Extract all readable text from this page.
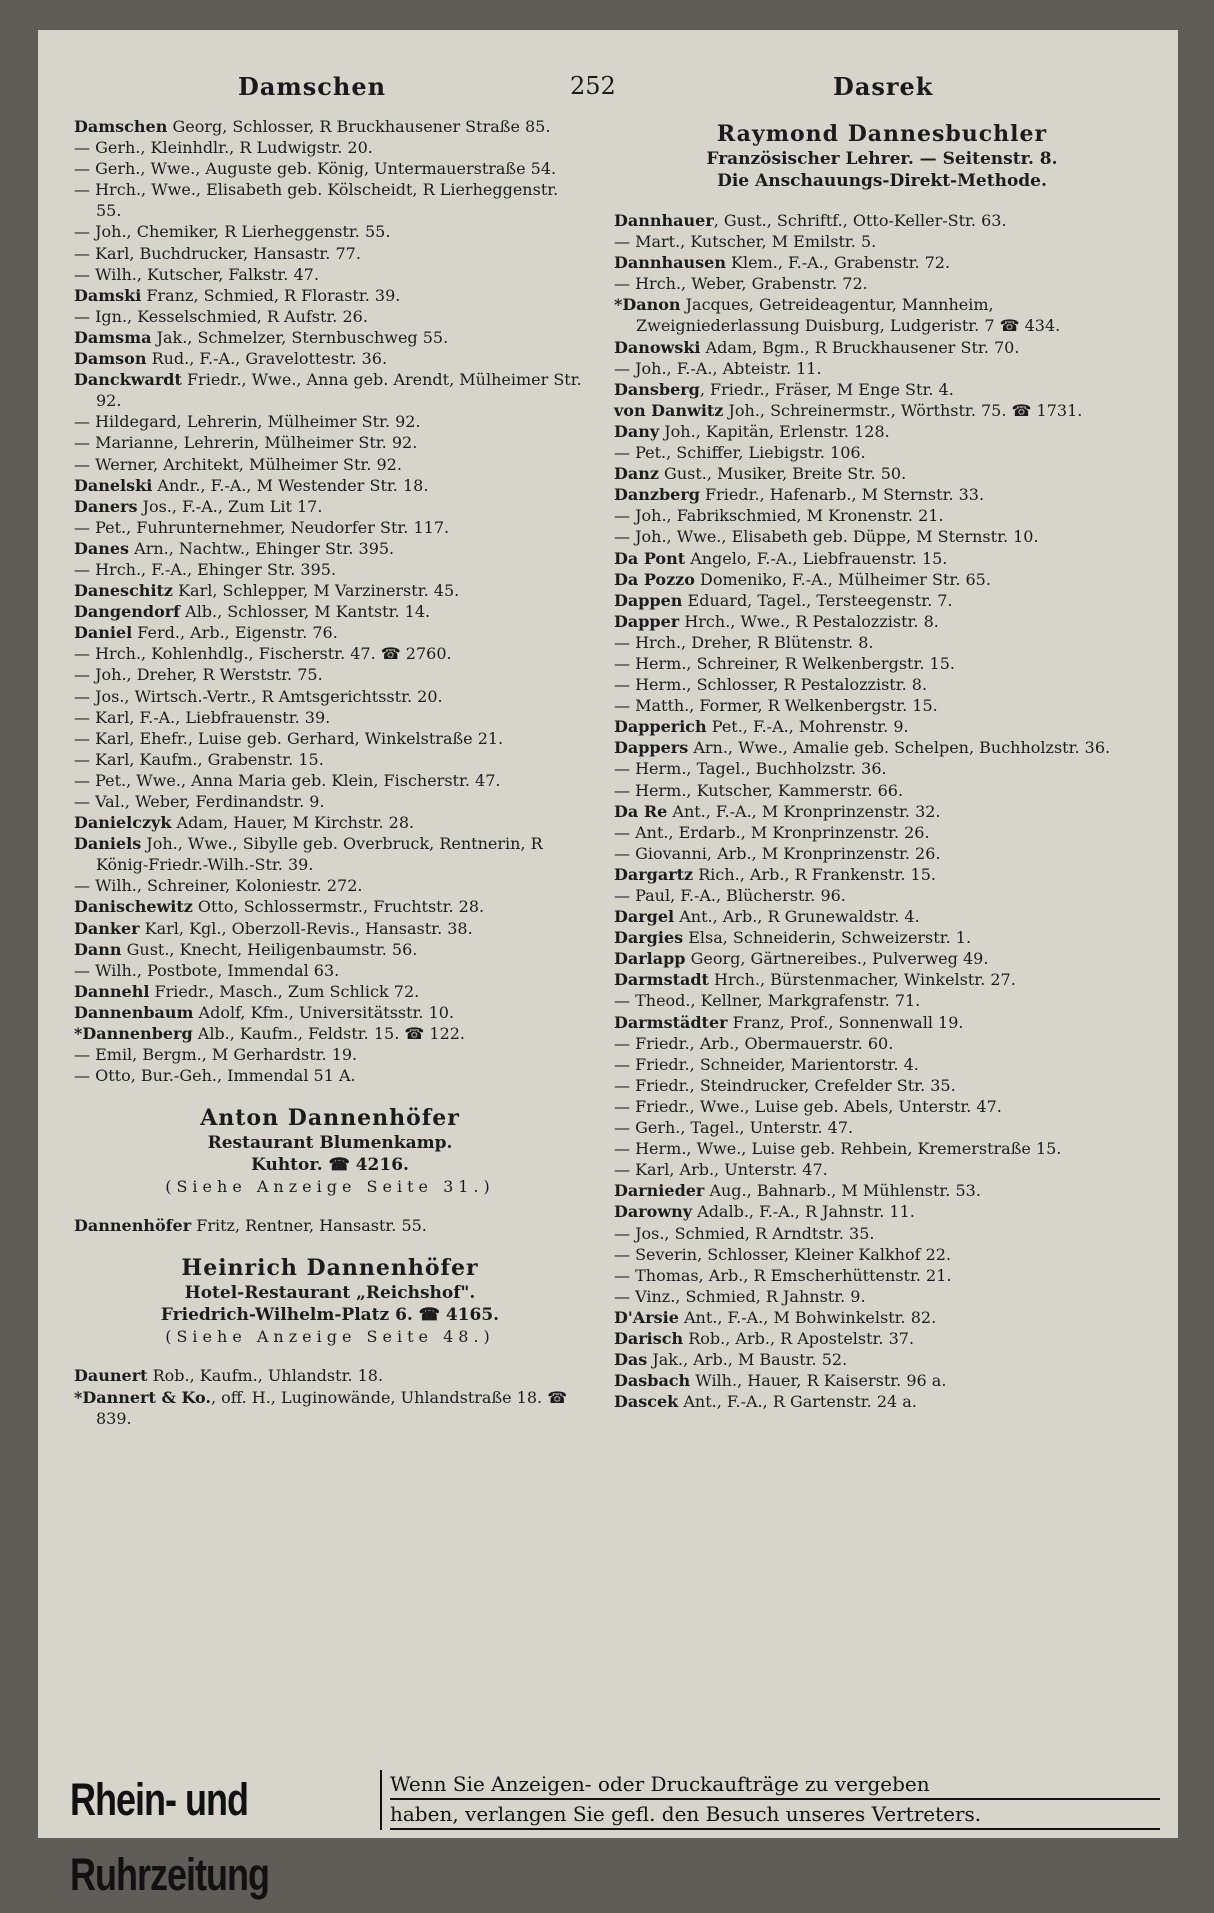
Damschen	252	Dasrek
Damschen Georg, Schlosser, R Bruckhausener Straße 85.
— Gerh., Kleinhdlr., R Ludwigstr. 20.
— Gerh., Wwe., Auguste geb. König, Untermauerstraße 54.
— Hrch., Wwe., Elisabeth geb. Kölscheidt, R Lierheggenstr. 55.
— Joh., Chemiker, R Lierheggenstr. 55.
— Karl, Buchdrucker, Hansastr. 77.
— Wilh., Kutscher, Falkstr. 47.
Damski Franz, Schmied, R Florastr. 39.
— Ign., Kesselschmied, R Aufstr. 26.
Damsma Jak., Schmelzer, Sternbuschweg 55.
Damson Rud., F.-A., Gravelottestr. 36.
Danckwardt Friedr., Wwe., Anna geb. Arendt, Mülheimer Str. 92.
— Hildegard, Lehrerin, Mülheimer Str. 92.
— Marianne, Lehrerin, Mülheimer Str. 92.
— Werner, Architekt, Mülheimer Str. 92.
Danelski Andr., F.-A., M Westender Str. 18.
Daners Jos., F.-A., Zum Lit 17.
— Pet., Fuhrunternehmer, Neudorfer Str. 117.
Danes Arn., Nachtw., Ehinger Str. 395.
— Hrch., F.-A., Ehinger Str. 395.
Daneschitz Karl, Schlepper, M Varzinerstr. 45.
Dangendorf Alb., Schlosser, M Kantstr. 14.
Daniel Ferd., Arb., Eigenstr. 76.
— Hrch., Kohlenhdlg., Fischerstr. 47. ☎ 2760.
— Joh., Dreher, R Werststr. 75.
— Jos., Wirtsch.-Vertr., R Amtsgerichtsstr. 20.
— Karl, F.-A., Liebfrauenstr. 39.
— Karl, Ehefr., Luise geb. Gerhard, Winkelstraße 21.
— Karl, Kaufm., Grabenstr. 15.
— Pet., Wwe., Anna Maria geb. Klein, Fischerstr. 47.
— Val., Weber, Ferdinandstr. 9.
Danielczyk Adam, Hauer, M Kirchstr. 28.
Daniels Joh., Wwe., Sibylle geb. Overbruck, Rentnerin, R König-Friedr.-Wilh.-Str. 39.
— Wilh., Schreiner, Koloniestr. 272.
Danischewitz Otto, Schlossermstr., Fruchtstr. 28.
Danker Karl, Kgl., Oberzoll-Revis., Hansastr. 38.
Dann Gust., Knecht, Heiligenbaumstr. 56.
— Wilh., Postbote, Immendal 63.
Dannehl Friedr., Masch., Zum Schlick 72.
Dannenbaum Adolf, Kfm., Universitätsstr. 10.
*Dannenberg Alb., Kaufm., Feldstr. 15. ☎ 122.
— Emil, Bergm., M Gerhardstr. 19.
— Otto, Bur.-Geh., Immendal 51 A.
Anton Dannenhöfer
Restaurant Blumenkamp.
Kuhtor. ☎ 4216.
(Siehe Anzeige Seite 31.)
Dannenhöfer Fritz, Rentner, Hansastr. 55.
Heinrich Dannenhöfer
Hotel-Restaurant „Reichshof".
Friedrich-Wilhelm-Platz 6. ☎ 4165.
(Siehe Anzeige Seite 48.)
Daunert Rob., Kaufm., Uhlandstr. 18.
*Dannert & Ko., off. H., Luginowände, Uhlandstraße 18. ☎ 839.
Raymond Dannesbuchler
Französischer Lehrer. — Seitenstr. 8.
Die Anschauungs-Direkt-Methode.
Dannhauer, Gust., Schriftf., Otto-Keller-Str. 63.
— Mart., Kutscher, M Emilstr. 5.
Dannhausen Klem., F.-A., Grabenstr. 72.
— Hrch., Weber, Grabenstr. 72.
*Danon Jacques, Getreideagentur, Mannheim, Zweigniederlassung Duisburg, Ludgeristr. 7 ☎ 434.
Danowski Adam, Bgm., R Bruckhausener Str. 70.
— Joh., F.-A., Abteistr. 11.
Dansberg, Friedr., Fräser, M Enge Str. 4.
von Danwitz Joh., Schreinermstr., Wörthstr. 75. ☎ 1731.
Dany Joh., Kapitän, Erlenstr. 128.
— Pet., Schiffer, Liebigstr. 106.
Danz Gust., Musiker, Breite Str. 50.
Danzberg Friedr., Hafenarb., M Sternstr. 33.
— Joh., Fabrikschmied, M Kronenstr. 21.
— Joh., Wwe., Elisabeth geb. Düppe, M Sternstr. 10.
Da Pont Angelo, F.-A., Liebfrauenstr. 15.
Da Pozzo Domeniko, F.-A., Mülheimer Str. 65.
Dappen Eduard, Tagel., Tersteegenstr. 7.
Dapper Hrch., Wwe., R Pestalozzistr. 8.
— Hrch., Dreher, R Blütenstr. 8.
— Herm., Schreiner, R Welkenbergstr. 15.
— Herm., Schlosser, R Pestalozzistr. 8.
— Matth., Former, R Welkenbergstr. 15.
Dapperich Pet., F.-A., Mohrenstr. 9.
Dappers Arn., Wwe., Amalie geb. Schelpen, Buchholzstr. 36.
— Herm., Tagel., Buchholzstr. 36.
— Herm., Kutscher, Kammerstr. 66.
Da Re Ant., F.-A., M Kronprinzenstr. 32.
— Ant., Erdarb., M Kronprinzenstr. 26.
— Giovanni, Arb., M Kronprinzenstr. 26.
Dargartz Rich., Arb., R Frankenstr. 15.
— Paul, F.-A., Blücherstr. 96.
Dargel Ant., Arb., R Grunewaldstr. 4.
Dargies Elsa, Schneiderin, Schweizerstr. 1.
Darlapp Georg, Gärtnereibes., Pulverweg 49.
Darmstadt Hrch., Bürstenmacher, Winkelstr. 27.
— Theod., Kellner, Markgrafenstr. 71.
Darmstädter Franz, Prof., Sonnenwall 19.
— Friedr., Arb., Obermauerstr. 60.
— Friedr., Schneider, Marientorstr. 4.
— Friedr., Steindrucker, Crefelder Str. 35.
— Friedr., Wwe., Luise geb. Abels, Unterstr. 47.
— Gerh., Tagel., Unterstr. 47.
— Herm., Wwe., Luise geb. Rehbein, Kremerstraße 15.
— Karl, Arb., Unterstr. 47.
Darnieder Aug., Bahnarb., M Mühlenstr. 53.
Darowny Adalb., F.-A., R Jahnstr. 11.
— Jos., Schmied, R Arndtstr. 35.
— Severin, Schlosser, Kleiner Kalkhof 22.
— Thomas, Arb., R Emscherhüttenstr. 21.
— Vinz., Schmied, R Jahnstr. 9.
D'Arsie Ant., F.-A., M Bohwinkelstr. 82.
Darisch Rob., Arb., R Apostelstr. 37.
Das Jak., Arb., M Baustr. 52.
Dasbach Wilh., Hauer, R Kaiserstr. 96 a.
Dascek Ant., F.-A., R Gartenstr. 24 a.
Rhein- und Ruhrzeitung
Wenn Sie Anzeigen- oder Druckaufträge zu vergeben
haben, verlangen Sie gefl. den Besuch unseres Vertreters.
